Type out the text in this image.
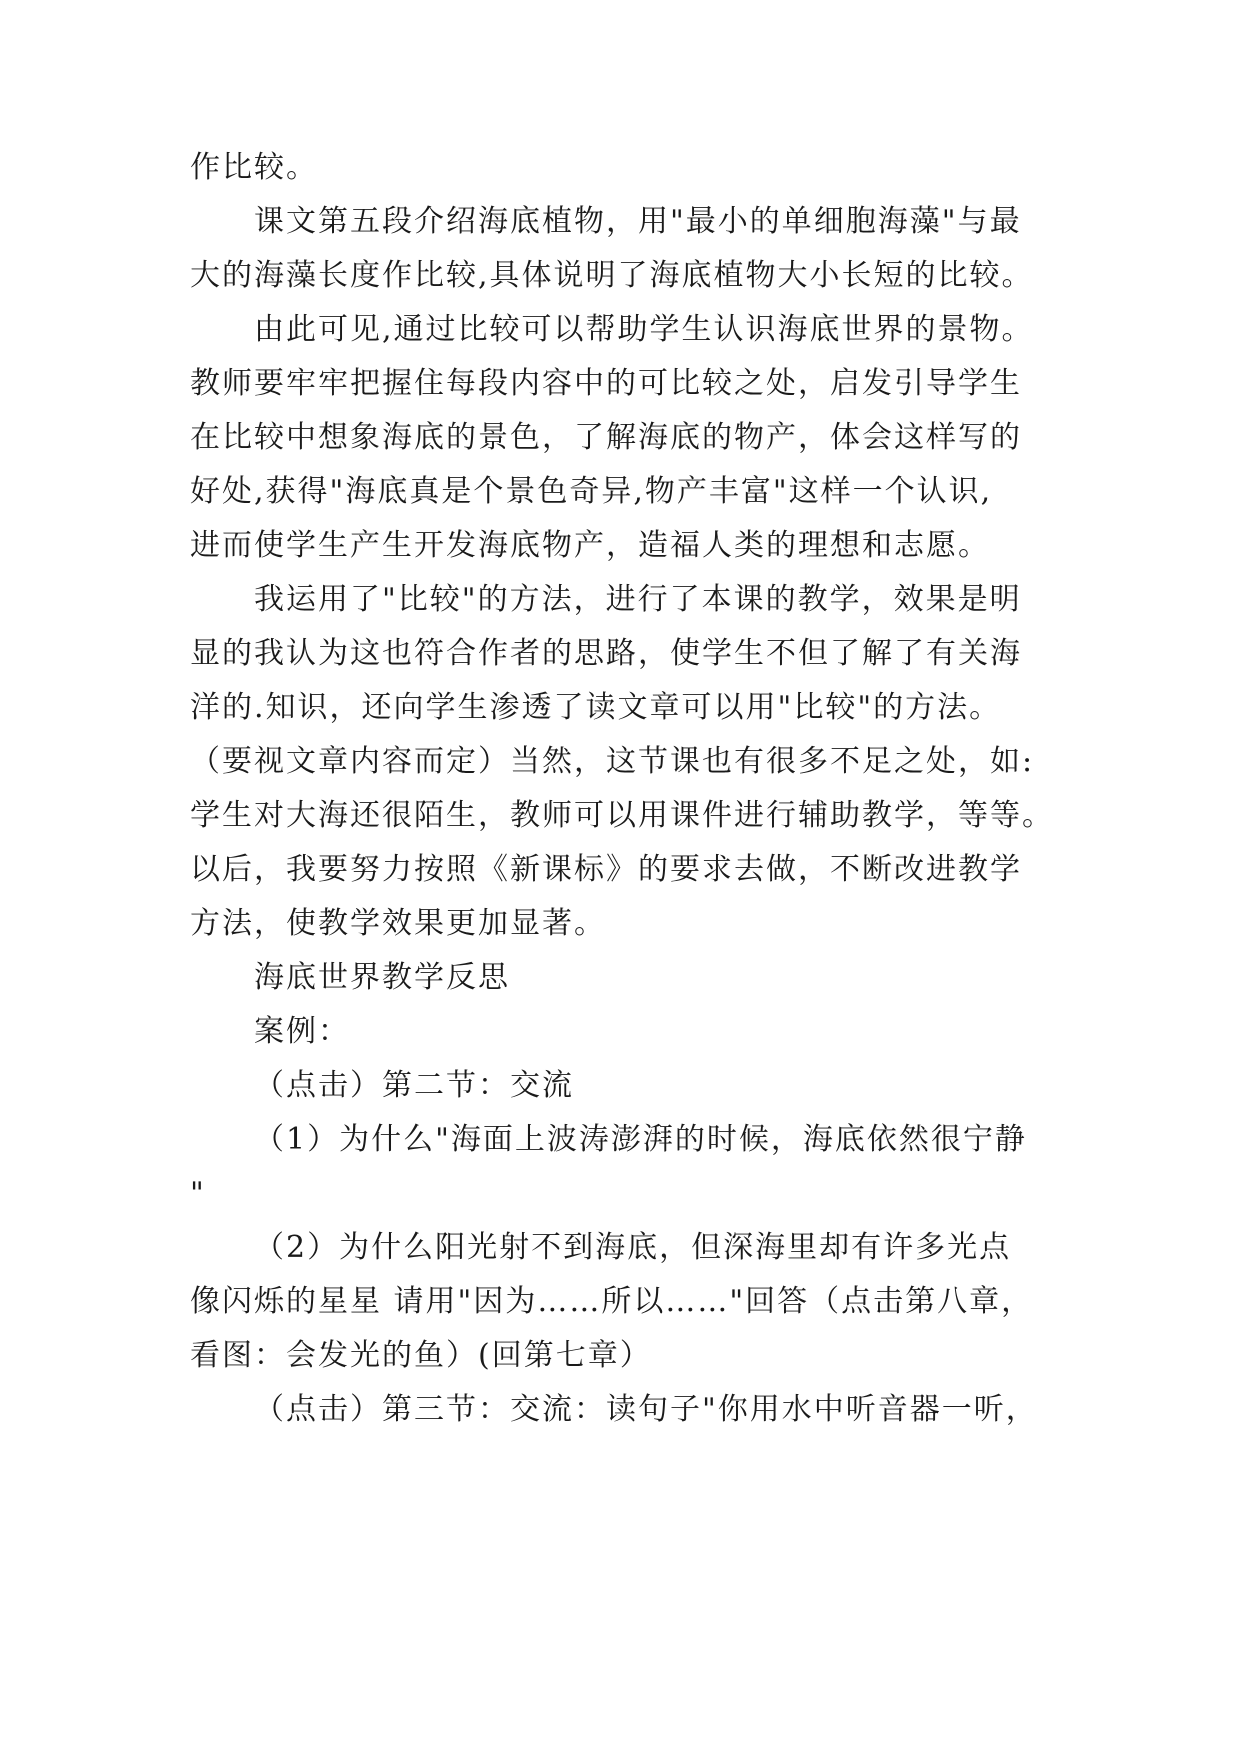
作比较。
课文第五段介绍海底植物，用"最小的单细胞海藻"与最
大的海藻长度作比较,具体说明了海底植物大小长短的比较。
由此可见,通过比较可以帮助学生认识海底世界的景物。
教师要牢牢把握住每段内容中的可比较之处，启发引导学生
在比较中想象海底的景色，了解海底的物产，体会这样写的
好处,获得"海底真是个景色奇异,物产丰富"这样一个认识,
进而使学生产生开发海底物产，造福人类的理想和志愿。
我运用了"比较"的方法，进行了本课的教学，效果是明
显的我认为这也符合作者的思路，使学生不但了解了有关海
洋的.知识，还向学生渗透了读文章可以用"比较"的方法。
（要视文章内容而定）当然，这节课也有很多不足之处，如:
学生对大海还很陌生，教师可以用课件进行辅助教学，等等。
以后，我要努力按照《新课标》的要求去做，不断改进教学
方法，使教学效果更加显著。
海底世界教学反思
案例：
（点击）第二节：交流
（1）为什么"海面上波涛澎湃的时候，海底依然很宁静
"
（2）为什么阳光射不到海底，但深海里却有许多光点
像闪烁的星星 请用"因为……所以……"回答（点击第八章，
看图：会发光的鱼）(回第七章）
（点击）第三节：交流：读句子"你用水中听音器一听，
